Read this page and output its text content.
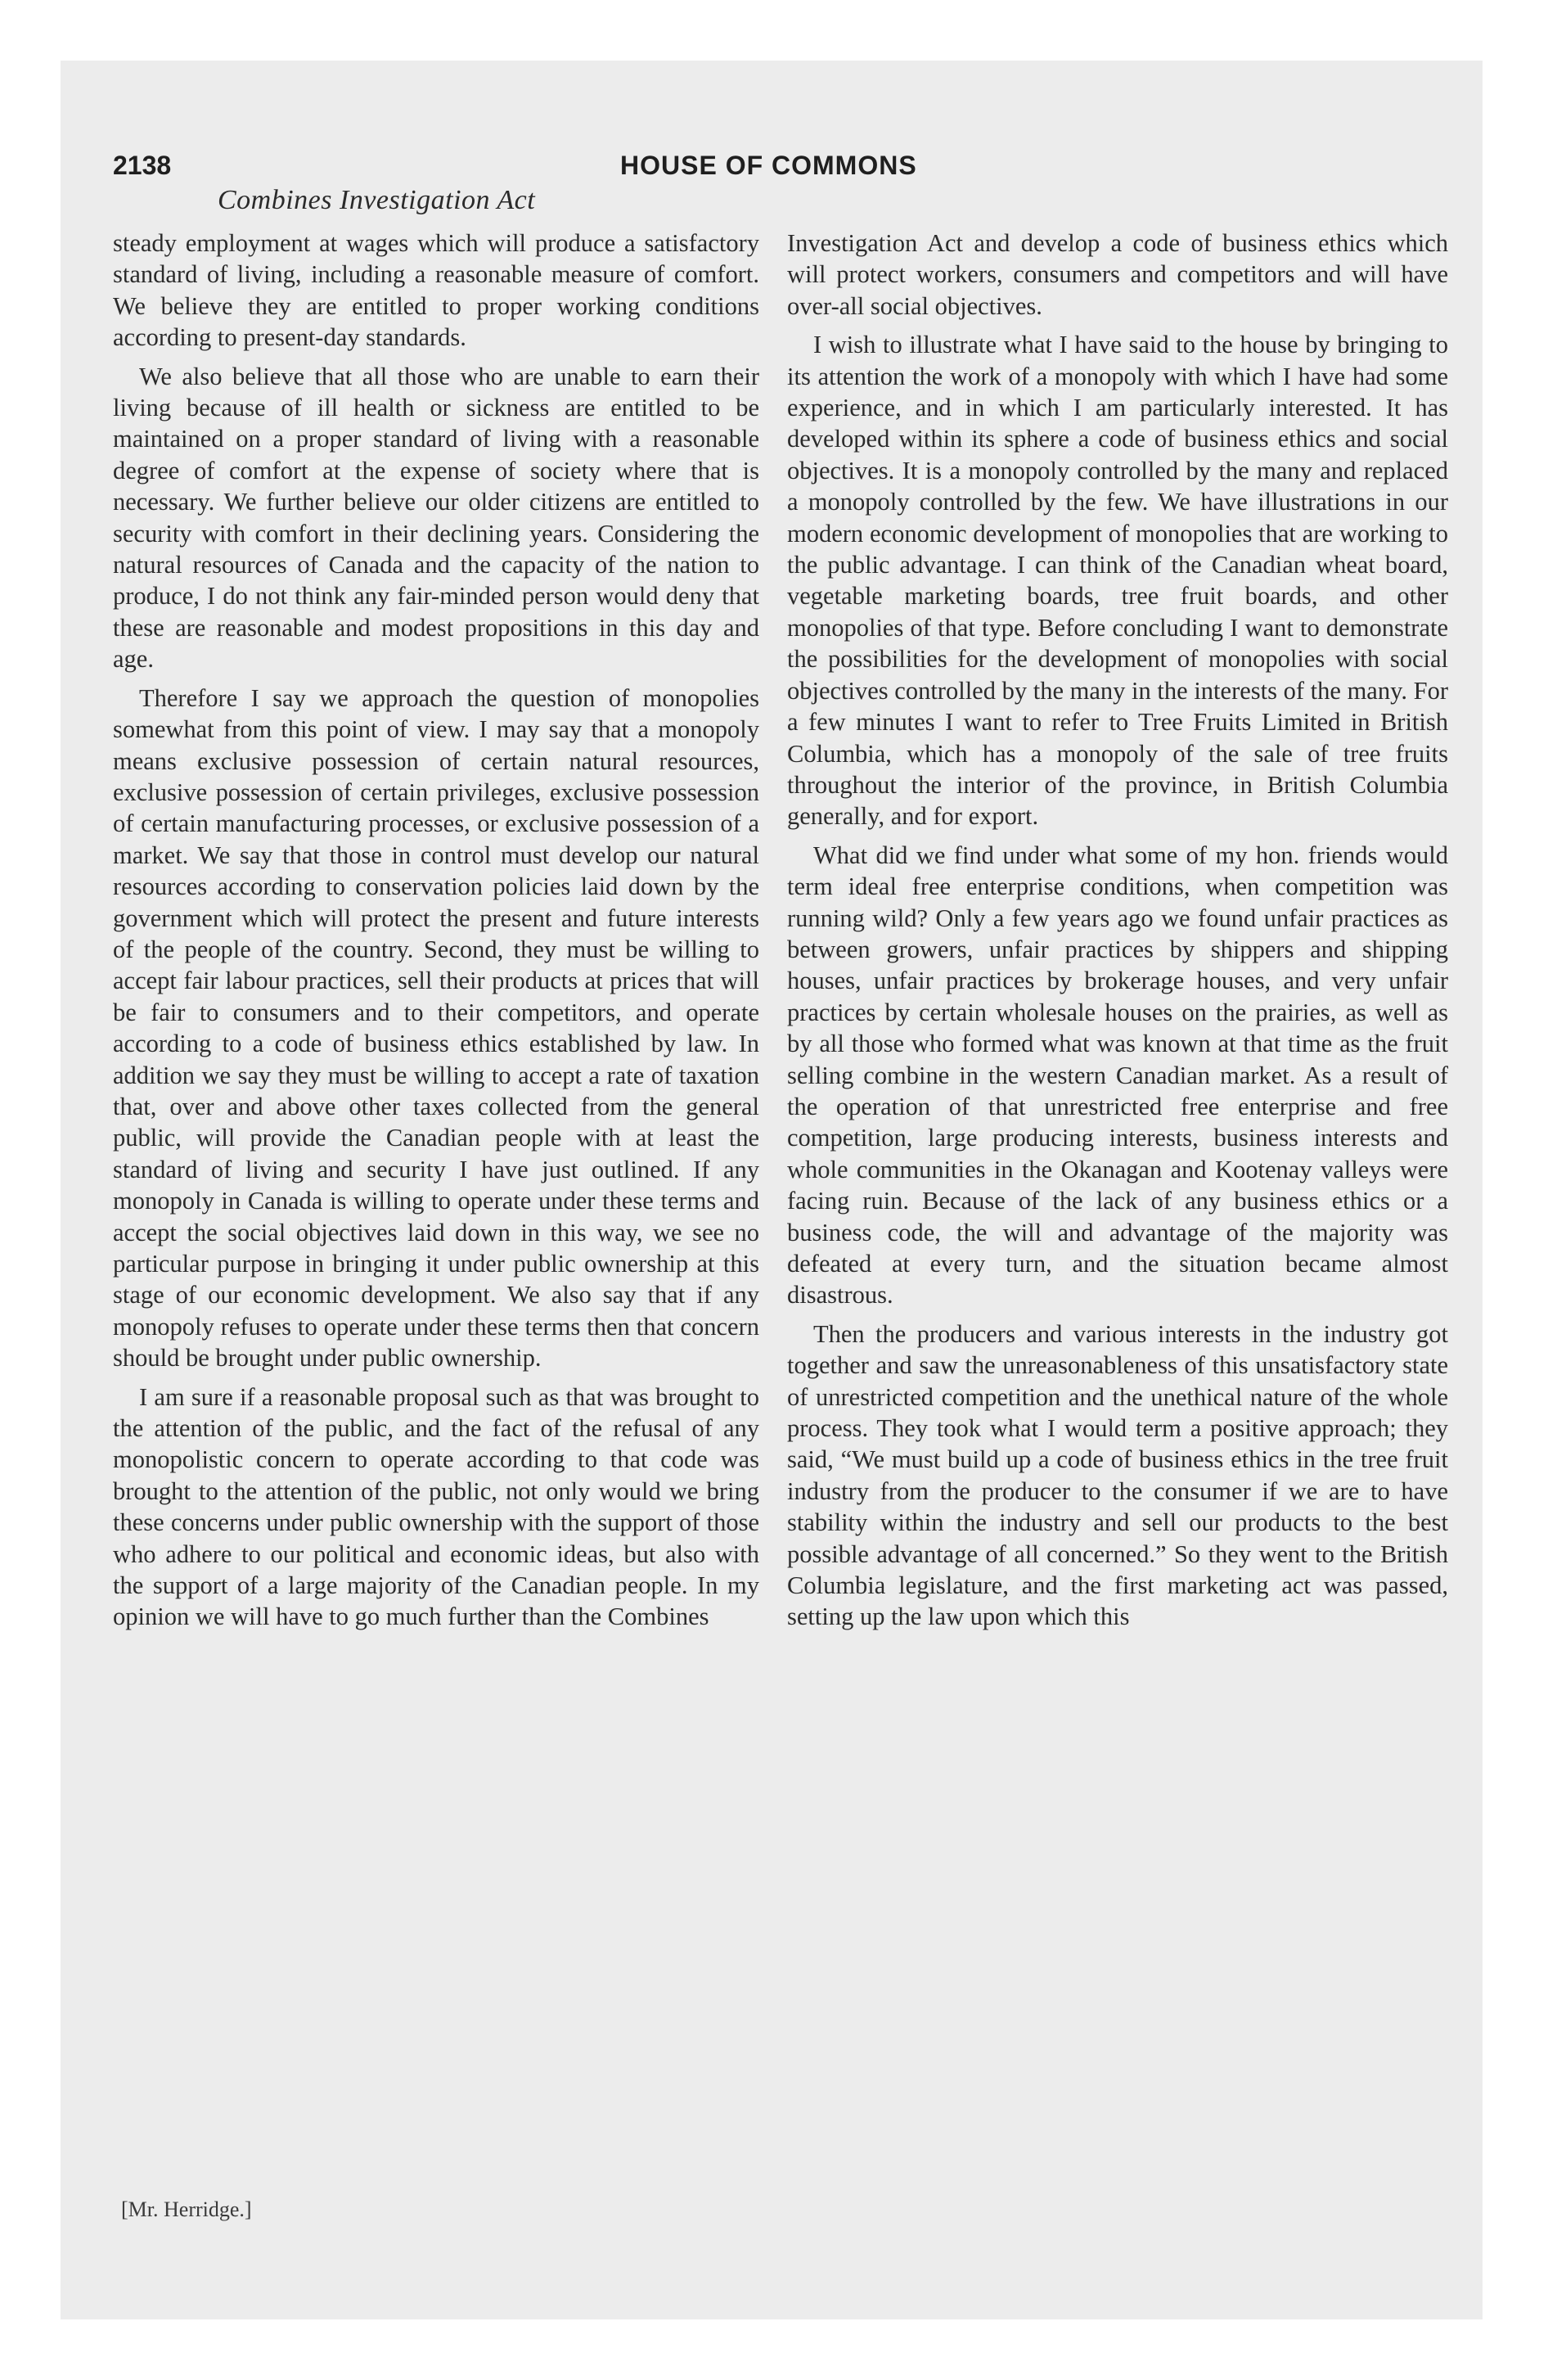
2138	HOUSE OF COMMONS
Combines Investigation Act

steady employment at wages which will produce a satisfactory standard of living, including a reasonable measure of comfort. We believe they are entitled to proper working conditions according to present-day standards.

We also believe that all those who are unable to earn their living because of ill health or sickness are entitled to be maintained on a proper standard of living with a reasonable degree of comfort at the expense of society where that is necessary. We further believe our older citizens are entitled to security with comfort in their declining years. Considering the natural resources of Canada and the capacity of the nation to produce, I do not think any fair-minded person would deny that these are reasonable and modest propositions in this day and age.

Therefore I say we approach the question of monopolies somewhat from this point of view. I may say that a monopoly means exclusive possession of certain natural resources, exclusive possession of certain privileges, exclusive possession of certain manufacturing processes, or exclusive possession of a market. We say that those in control must develop our natural resources according to conservation policies laid down by the government which will protect the present and future interests of the people of the country. Second, they must be willing to accept fair labour practices, sell their products at prices that will be fair to consumers and to their competitors, and operate according to a code of business ethics established by law. In addition we say they must be willing to accept a rate of taxation that, over and above other taxes collected from the general public, will provide the Canadian people with at least the standard of living and security I have just outlined. If any monopoly in Canada is willing to operate under these terms and accept the social objectives laid down in this way, we see no particular purpose in bringing it under public ownership at this stage of our economic development. We also say that if any monopoly refuses to operate under these terms then that concern should be brought under public ownership.

I am sure if a reasonable proposal such as that was brought to the attention of the public, and the fact of the refusal of any monopolistic concern to operate according to that code was brought to the attention of the public, not only would we bring these concerns under public ownership with the support of those who adhere to our political and economic ideas, but also with the support of a large majority of the Canadian people. In my opinion we will have to go much further than the Combines

Investigation Act and develop a code of business ethics which will protect workers, consumers and competitors and will have over-all social objectives.

I wish to illustrate what I have said to the house by bringing to its attention the work of a monopoly with which I have had some experience, and in which I am particularly interested. It has developed within its sphere a code of business ethics and social objectives. It is a monopoly controlled by the many and replaced a monopoly controlled by the few. We have illustrations in our modern economic development of monopolies that are working to the public advantage. I can think of the Canadian wheat board, vegetable marketing boards, tree fruit boards, and other monopolies of that type. Before concluding I want to demonstrate the possibilities for the development of monopolies with social objectives controlled by the many in the interests of the many. For a few minutes I want to refer to Tree Fruits Limited in British Columbia, which has a monopoly of the sale of tree fruits throughout the interior of the province, in British Columbia generally, and for export.

What did we find under what some of my hon. friends would term ideal free enterprise conditions, when competition was running wild? Only a few years ago we found unfair practices as between growers, unfair practices by shippers and shipping houses, unfair practices by brokerage houses, and very unfair practices by certain wholesale houses on the prairies, as well as by all those who formed what was known at that time as the fruit selling combine in the western Canadian market. As a result of the operation of that unrestricted free enterprise and free competition, large producing interests, business interests and whole communities in the Okanagan and Kootenay valleys were facing ruin. Because of the lack of any business ethics or a business code, the will and advantage of the majority was defeated at every turn, and the situation became almost disastrous.

Then the producers and various interests in the industry got together and saw the unreasonableness of this unsatisfactory state of unrestricted competition and the unethical nature of the whole process. They took what I would term a positive approach; they said, “We must build up a code of business ethics in the tree fruit industry from the producer to the consumer if we are to have stability within the industry and sell our products to the best possible advantage of all concerned.” So they went to the British Columbia legislature, and the first marketing act was passed, setting up the law upon which this

[Mr. Herridge.]
